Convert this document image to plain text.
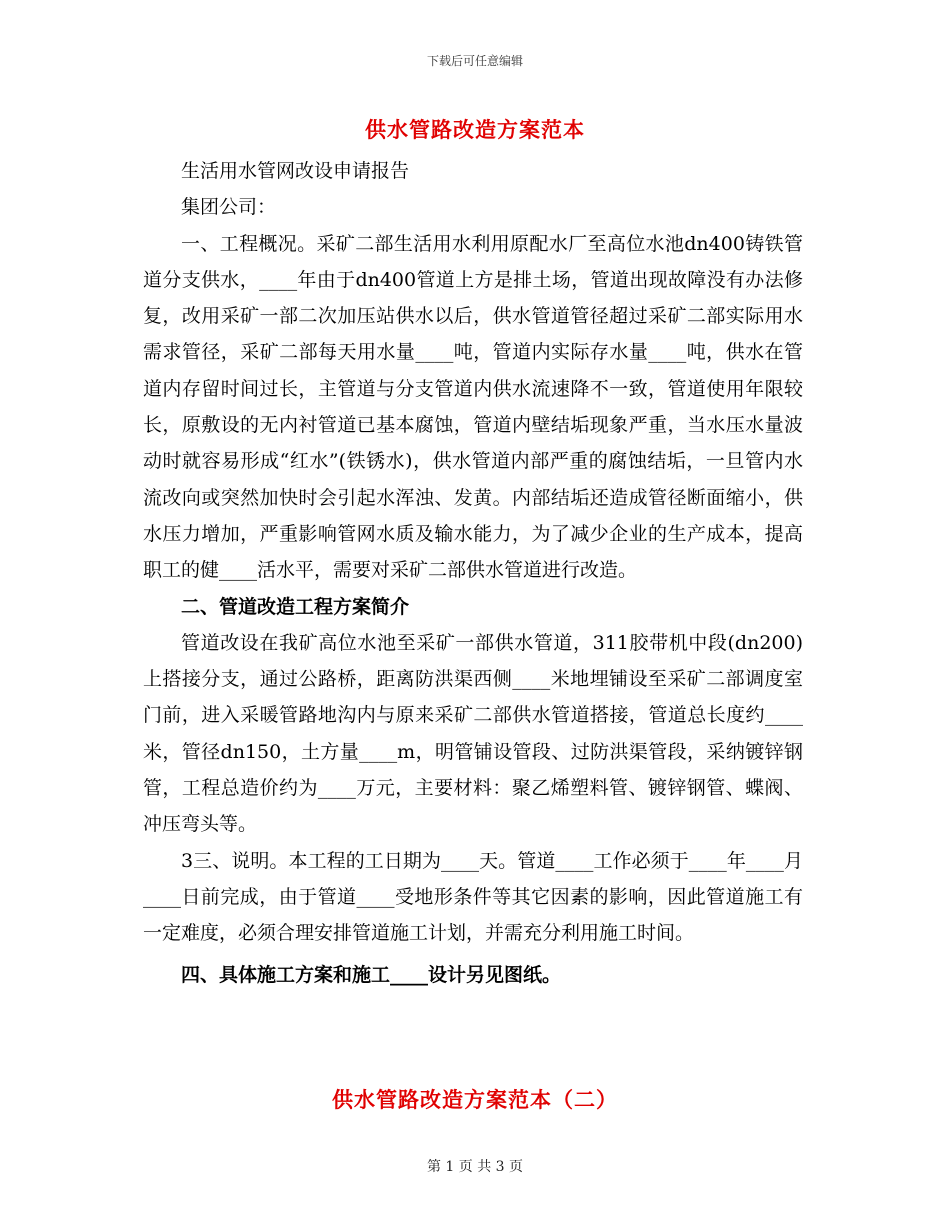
下载后可任意编辑
供水管路改造方案范本

生活用水管网改设申请报告

集团公司：

一、工程概况。采矿二部生活用水利用原配水厂至高位水池dn400铸铁管道分支供水，____年由于dn400管道上方是排土场，管道出现故障没有办法修复，改用采矿一部二次加压站供水以后，供水管道管径超过采矿二部实际用水需求管径，采矿二部每天用水量____吨，管道内实际存水量____吨，供水在管道内存留时间过长，主管道与分支管道内供水流速降不一致，管道使用年限较长，原敷设的无内衬管道已基本腐蚀，管道内壁结垢现象严重，当水压水量波动时就容易形成“红水”(铁锈水)，供水管道内部严重的腐蚀结垢，一旦管内水流改向或突然加快时会引起水浑浊、发黄。内部结垢还造成管径断面缩小，供水压力增加，严重影响管网水质及输水能力，为了减少企业的生产成本，提高职工的健____活水平，需要对采矿二部供水管道进行改造。

二、管道改造工程方案简介

管道改设在我矿高位水池至采矿一部供水管道，311胶带机中段(dn200)上搭接分支，通过公路桥，距离防洪渠西侧____米地埋铺设至采矿二部调度室门前，进入采暖管路地沟内与原来采矿二部供水管道搭接，管道总长度约____米，管径dn150，土方量____m，明管铺设管段、过防洪渠管段，采纳镀锌钢管，工程总造价约为____万元，主要材料：聚乙烯塑料管、镀锌钢管、蝶阀、冲压弯头等。

3三、说明。本工程的工日期为____天。管道____工作必须于____年____月____日前完成，由于管道____受地形条件等其它因素的影响，因此管道施工有一定难度，必须合理安排管道施工计划，并需充分利用施工时间。

四、具体施工方案和施工____设计另见图纸。

供水管路改造方案范本（二）
第 1 页 共 3 页
